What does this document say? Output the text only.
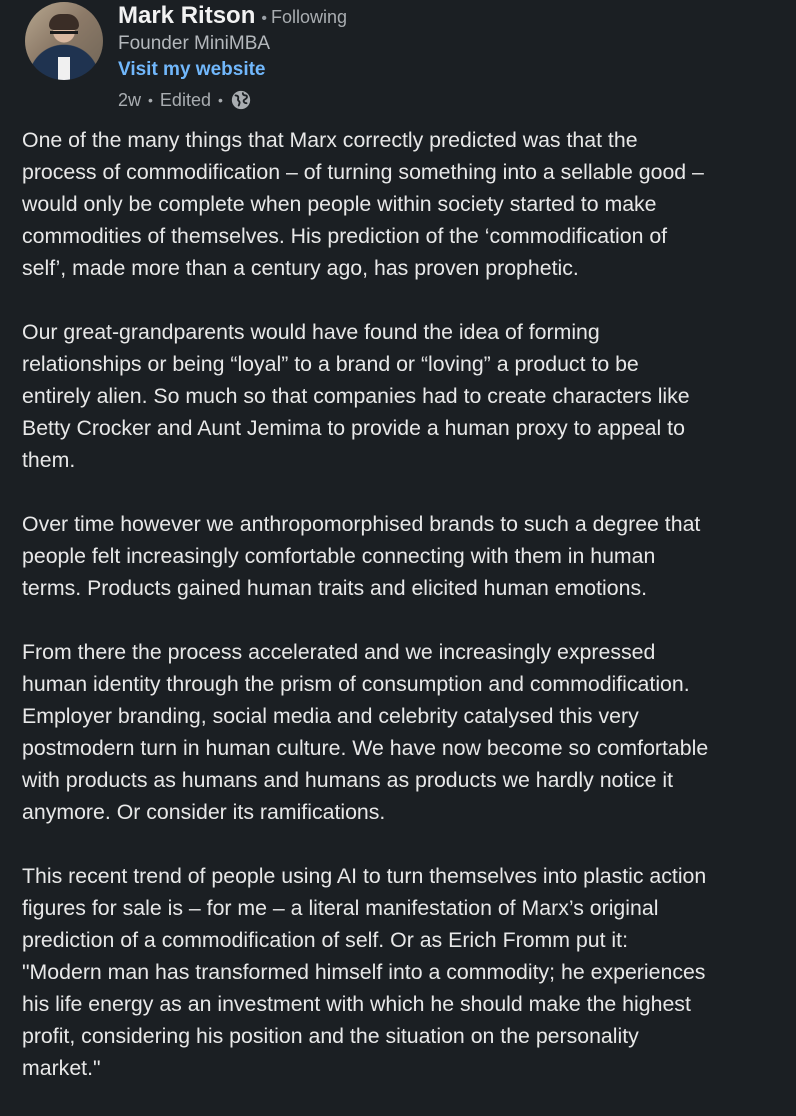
Mark Ritson • Following
Founder MiniMBA
Visit my website
2w • Edited •

One of the many things that Marx correctly predicted was that the
process of commodification – of turning something into a sellable good –
would only be complete when people within society started to make
commodities of themselves. His prediction of the ‘commodification of
self’, made more than a century ago, has proven prophetic.

Our great-grandparents would have found the idea of forming
relationships or being “loyal” to a brand or “loving” a product to be
entirely alien. So much so that companies had to create characters like
Betty Crocker and Aunt Jemima to provide a human proxy to appeal to
them.

Over time however we anthropomorphised brands to such a degree that
people felt increasingly comfortable connecting with them in human
terms. Products gained human traits and elicited human emotions.

From there the process accelerated and we increasingly expressed
human identity through the prism of consumption and commodification.
Employer branding, social media and celebrity catalysed this very
postmodern turn in human culture. We have now become so comfortable
with products as humans and humans as products we hardly notice it
anymore. Or consider its ramifications.

This recent trend of people using AI to turn themselves into plastic action
figures for sale is – for me – a literal manifestation of Marx’s original
prediction of a commodification of self. Or as Erich Fromm put it:
"Modern man has transformed himself into a commodity; he experiences
his life energy as an investment with which he should make the highest
profit, considering his position and the situation on the personality
market."
